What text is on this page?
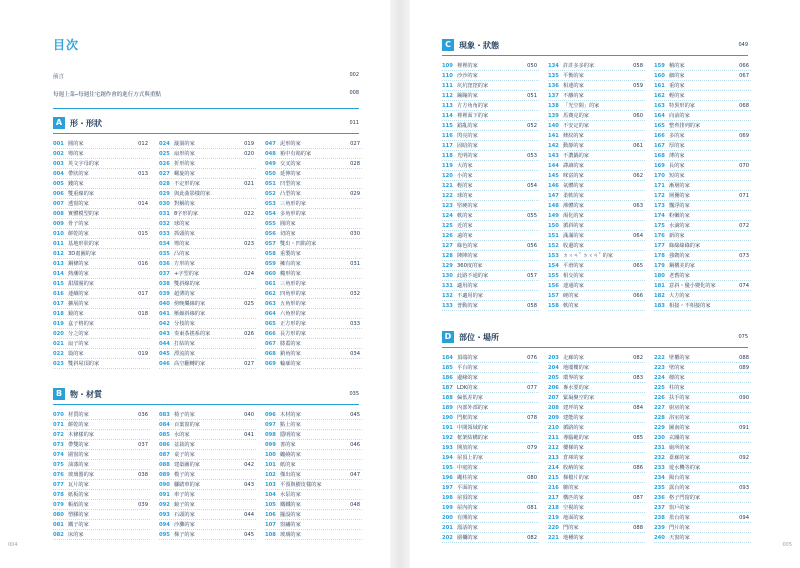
目次
前言	002
每週上菜─每週住宅創作會的進行方式與重點	008
A 形・形狀	011
001 圓的家	012
002 彎的家
003 英文字母的家
004 帶狀的家	013
005 錢的家
006 雙重線的家
007 透窗的家	014
008 實體模型的家
009 骨子的家
010 餅乾的家	015
011 基地形狀的家
012 3D畫圖的家
013 鋼條的家	016
014 熱潮的家
015 甜甜圈的家
016 連續的家	017
017 擴展的家
018 鏡的家	018
019 盒子格的家
020 分之的家
021 扇子的家
022 篇的家	019
023 雙斜屋頂的家
024 漩渦的家	019
025 扇形的家	020
026 折形的家
027 螺旋的家
028 不定形的家	021
029 與此曲影樣的家
030 對稱的家
031 8字形的家	022
032 球的家
033 抓頭的家
034 彎的家	023
035 凸的家
036 方形的家
037 +字型的家	024
038 雙斜線的家
039 超薄的家
040 傍晚樂線的家	025
041 壓縮斜線的家
042 分枝的家
043 奏東茶搖系的家	026
044 打結的家
045 漂流的家
046 高空翻轉的家	027
047 泥形的家	027
048 箱中有箱的家
049 交叉的家	028
050 延伸的家
051 凹型的家
052 凸型的家	029
053 三角形的家
054 多角形的家
055 圓的家
056 切的家	030
057 雙出・凹陷的家
058 重製的家
059 擁有的家	031
060 橢形的家
061 三角形的家
062 四角形的家	032
063 五角形的家
064 六角形的家
065 正方形的家	033
066 長方形的家
067 膝蓋的家
068 銷角的家	034
069 輪廓的家
B 物・材質	035
070 材質的家	036
071 餅乾的家
072 木條樣的家
073 帶雙的家	037
074 圍窗的家
075 油漆的家
076 玻璃器的家	038
077 瓦片的家
078 紙板的家
079 帳紙的家	039
080 塑膠的家
081 鐵子的家
082 床的家
083 椅子的家	040
084 百葉窗的家
085 水的家	041
086 盆栽的家
087 桌子的家
088 建築圖的家	042
089 模子的家
090 腳踏車的家	043
091 車子的家
092 鏡子的家
093 石頭的家	044
094 沙灘的家
095 梯子的家	045
096 木材的家	045
097 點土的家
098 隱明的家
099 書的家	046
100 纏繞的家
101 紙的家
102 傑出的家	047
103 平預與樹皮樣的家
104 水泵的家
105 鐵鐵的家	048
106 擺設的家
107 窗繡的家
108 玻璃的家
004
C	現象・狀態	049
109 裡裡的家	050
110 沙沙的家
111 坑坑窪窪的家
112 蹦蹦的家	051
113 方方角角的家
114 裡裡面下的家
115 錯亂的家	052
116 閃亮的家
117 固暗的家
118 光明的家	053
119 大的家
120 小的家
121 輕的家	054
122 球的家
123 堅硬的家
124 軟的家	055
125 近的家
126 遠的家
127 綠色的家	056
128 陣陣的家
129 360度的家
130 此路不通的家	057
131 適用的家
132 不適用的家
133 普動的家	058
134 許許多多的家	058
135 平衡的家
136 相連的家	059
137 不離的家
138 「光空間」的家
139 馬賽克的家	060
140 不安定的家
141 條紋的家
142 動靜的家	061
143 不濃鍋的家
144 譯讀的家
145 咪富的家	062
146 氣體的家
147 柔軟的家
148 沸體的家	063
149 渴化的家
150 循斜的家
151 滿滿的家	064
152 收邊的家
153 ㄉㄨㄢˇ ㄉㄨㄢˇ 的家
154 平滑的家	065
155 相交的家
156 連通的家
157 硬的家	066
158 軟的家
159 稽的家	066
160 細的家	067
161 重的家
162 輕的家
163 特異形的家	068
164 向前的家
165 整齊排列的家
166 多的家	069
167 厚的家
168 薄的家
169 長的家	070
170 短的家
171 漸層的家
172 層疊的家	071
173 飄浮的家
174 粉嫩的家
175 水滴的家	072
176 新的家
177 綠綠綠綠的家
178 強韌的家	073
179 鋼構美的家
180 老舊的家
181 意斜・優小變化的家	074
182 大方的家
183 相接・不相接的家
D 部位・場所	075
184 頂端的家	076
185 平台的家
186 邊緣的家
187 LDK的家	077
188 偏低差的家
189 內部外部的家
190 門框的家	078
191 中間領域的家
192 框架結構的家
193 開放的家	079
194 屋頂上的家
195 中庭的家
196 繩柱的家	080
197 平面的家
198 屋頂的家
199 屋內的家	081
200 有開的家
201 溜話的家
202 圍欄的家	082
203 走廊的家	082
204 地閣樓的家
205 環界的家	083
206 專水要的家
207 緊凝聚空的家
208 建坪的家	084
209 建能的家
210 循路的家
211 導腦範的家	085
212 樓梯的家
213 倉庫的家
214 收納的家	086
215 梯檔片的家
216 臉的家
217 構匹的家	087
218 空視的家
219 地面的家
220 門的家	088
221 地種的家
222 壁櫃的家	088
223 壁的家	089
224 樑的家
225 柱的家
226 扶手的家	090
227 廚房的家
228 浴室的家
229 圖南的家	091
230 玄關的家
231 廁所的家
232 臺廊的家	092
233 遊水機等的家
234 陽台的家
235 露台的家	093
236 格子門窗的家
237 窗戶的家
238 墨台的家	094
239 門片的家
240 天窗的家
005
